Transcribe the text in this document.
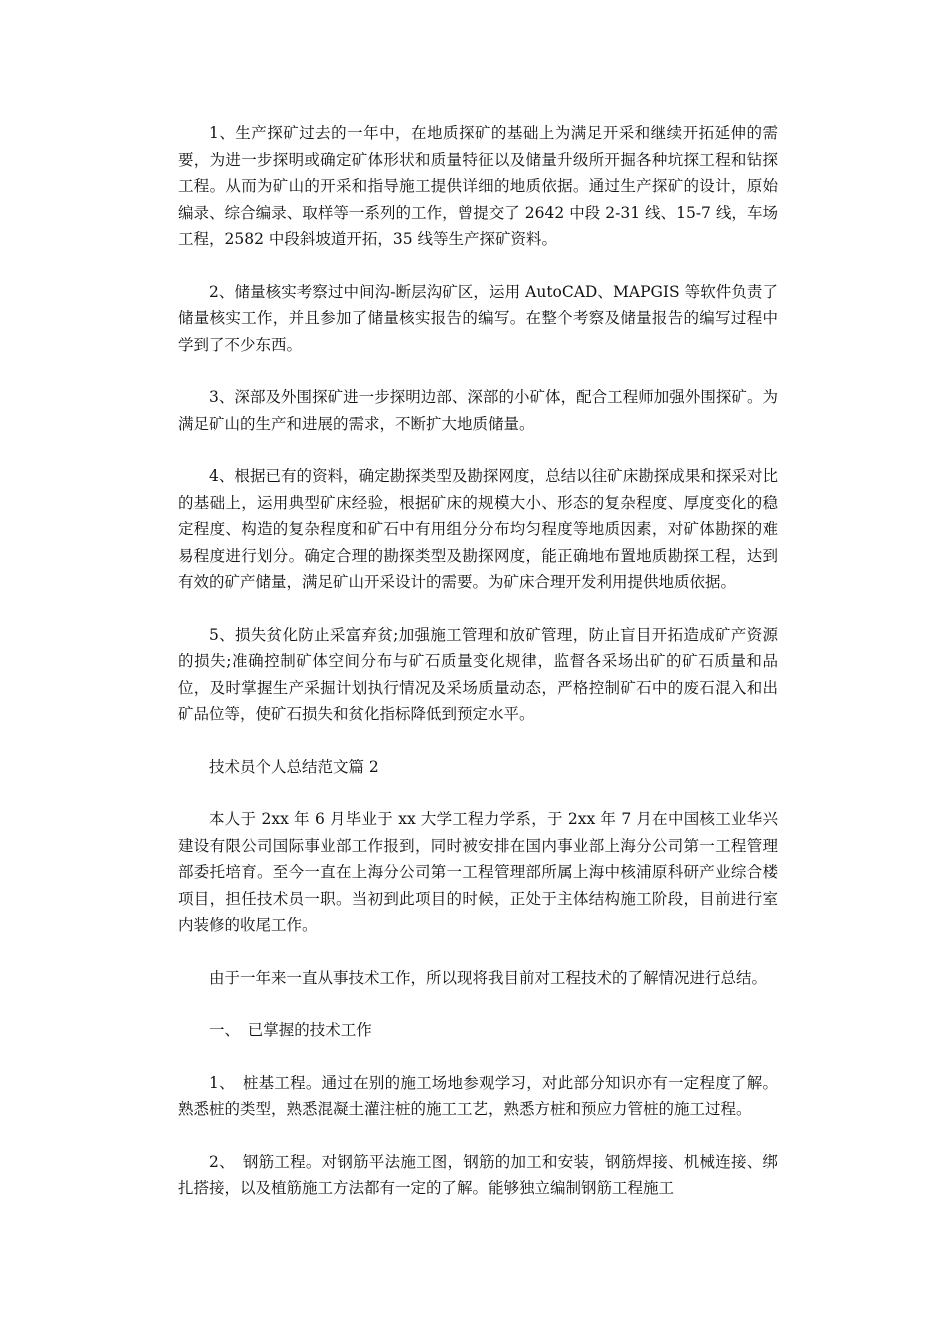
1、生产探矿过去的一年中，在地质探矿的基础上为满足开采和继续开拓延伸的需要，为进一步探明或确定矿体形状和质量特征以及储量升级所开掘各种坑探工程和钻探工程。从而为矿山的开采和指导施工提供详细的地质依据。通过生产探矿的设计，原始编录、综合编录、取样等一系列的工作，曾提交了 2642 中段 2-31 线、15-7 线，车场工程，2582 中段斜坡道开拓，35 线等生产探矿资料。

2、储量核实考察过中间沟-断层沟矿区，运用 AutoCAD、MAPGIS 等软件负责了储量核实工作，并且参加了储量核实报告的编写。在整个考察及储量报告的编写过程中学到了不少东西。

3、深部及外围探矿进一步探明边部、深部的小矿体，配合工程师加强外围探矿。为满足矿山的生产和进展的需求，不断扩大地质储量。

4、根据已有的资料，确定勘探类型及勘探网度，总结以往矿床勘探成果和探采对比的基础上，运用典型矿床经验，根据矿床的规模大小、形态的复杂程度、厚度变化的稳定程度、构造的复杂程度和矿石中有用组分分布均匀程度等地质因素，对矿体勘探的难易程度进行划分。确定合理的勘探类型及勘探网度，能正确地布置地质勘探工程，达到有效的矿产储量，满足矿山开采设计的需要。为矿床合理开发利用提供地质依据。

5、损失贫化防止采富弃贫;加强施工管理和放矿管理，防止盲目开拓造成矿产资源的损失;准确控制矿体空间分布与矿石质量变化规律，监督各采场出矿的矿石质量和品位，及时掌握生产采掘计划执行情况及采场质量动态，严格控制矿石中的废石混入和出矿品位等，使矿石损失和贫化指标降低到预定水平。

技术员个人总结范文篇 2

本人于 2xx 年 6 月毕业于 xx 大学工程力学系，于 2xx 年 7 月在中国核工业华兴建设有限公司国际事业部工作报到，同时被安排在国内事业部上海分公司第一工程管理部委托培育。至今一直在上海分公司第一工程管理部所属上海中核浦原科研产业综合楼项目，担任技术员一职。当初到此项目的时候，正处于主体结构施工阶段，目前进行室内装修的收尾工作。

由于一年来一直从事技术工作，所以现将我目前对工程技术的了解情况进行总结。

一、　已掌握的技术工作

1、　桩基工程。通过在别的施工场地参观学习，对此部分知识亦有一定程度了解。熟悉桩的类型，熟悉混凝土灌注桩的施工工艺，熟悉方桩和预应力管桩的施工过程。

2、　钢筋工程。对钢筋平法施工图，钢筋的加工和安装，钢筋焊接、机械连接、绑扎搭接，以及植筋施工方法都有一定的了解。能够独立编制钢筋工程施工
